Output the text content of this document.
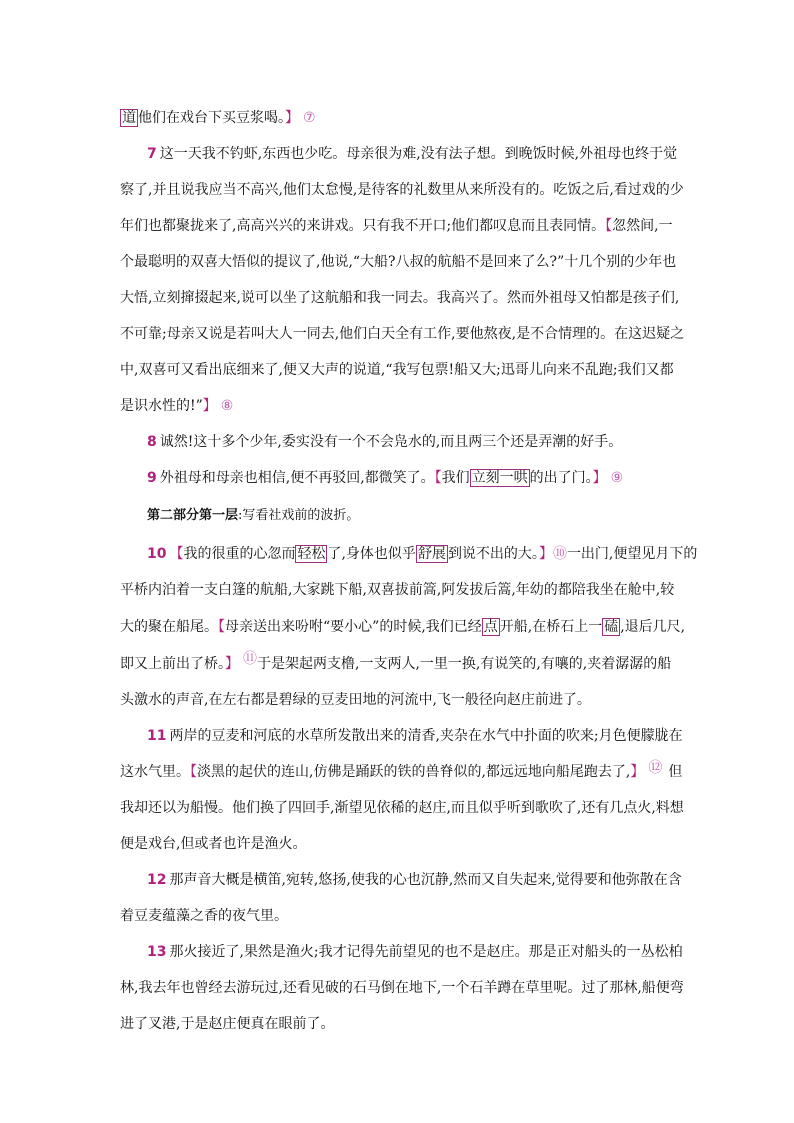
道 他们在戏台下买豆浆喝。】 ⑦
7 这一天我不钓虾,东西也少吃。母亲很为难,没有法子想。到晚饭时候,外祖母也终于觉
察了,并且说我应当不高兴,他们太怠慢,是待客的礼数里从来所没有的。吃饭之后,看过戏的少
年们也都聚拢来了,高高兴兴的来讲戏。只有我不开口;他们都叹息而且表同情。【忽然间,一
个最聪明的双喜大悟似的提议了,他说,“大船?八叔的航船不是回来了么?”十几个别的少年也
大悟,立刻撺掇起来,说可以坐了这航船和我一同去。我高兴了。然而外祖母又怕都是孩子们,
不可靠;母亲又说是若叫大人一同去,他们白天全有工作,要他熬夜,是不合情理的。在这迟疑之
中,双喜可又看出底细来了,便又大声的说道,“我写包票!船又大;迅哥儿向来不乱跑;我们又都
是识水性的!”】 ⑧
8 诚然!这十多个少年,委实没有一个不会凫水的,而且两三个还是弄潮的好手。
9 外祖母和母亲也相信,便不再驳回,都微笑了。【我们 立刻一哄 的出了门。】 ⑨
第二部分第一层:写看社戏前的波折。
10 【我的很重的心忽而 轻松 了,身体也似乎 舒展 到说不出的大。】⑩一出门,便望见月下的
平桥内泊着一支白篷的航船,大家跳下船,双喜拔前篙,阿发拔后篙,年幼的都陪我坐在舱中,较
大的聚在船尾。【母亲送出来吩咐“要小心”的时候,我们已经 点 开船,在桥石上一 磕 ,退后几尺,
即又上前出了桥。】 ⑪于是架起两支橹,一支两人,一里一换,有说笑的,有嚷的,夹着潺潺的船
头激水的声音,在左右都是碧绿的豆麦田地的河流中,飞一般径向赵庄前进了。
11 两岸的豆麦和河底的水草所发散出来的清香,夹杂在水气中扑面的吹来;月色便朦胧在
这水气里。【淡黑的起伏的连山,仿佛是踊跃的铁的兽脊似的,都远远地向船尾跑去了,】 ⑫ 但
我却还以为船慢。他们换了四回手,渐望见依稀的赵庄,而且似乎听到歌吹了,还有几点火,料想
便是戏台,但或者也许是渔火。
12 那声音大概是横笛,宛转,悠扬,使我的心也沉静,然而又自失起来,觉得要和他弥散在含
着豆麦蕴藻之香的夜气里。
13 那火接近了,果然是渔火;我才记得先前望见的也不是赵庄。那是正对船头的一丛松柏
林,我去年也曾经去游玩过,还看见破的石马倒在地下,一个石羊蹲在草里呢。过了那林,船便弯
进了叉港,于是赵庄便真在眼前了。
